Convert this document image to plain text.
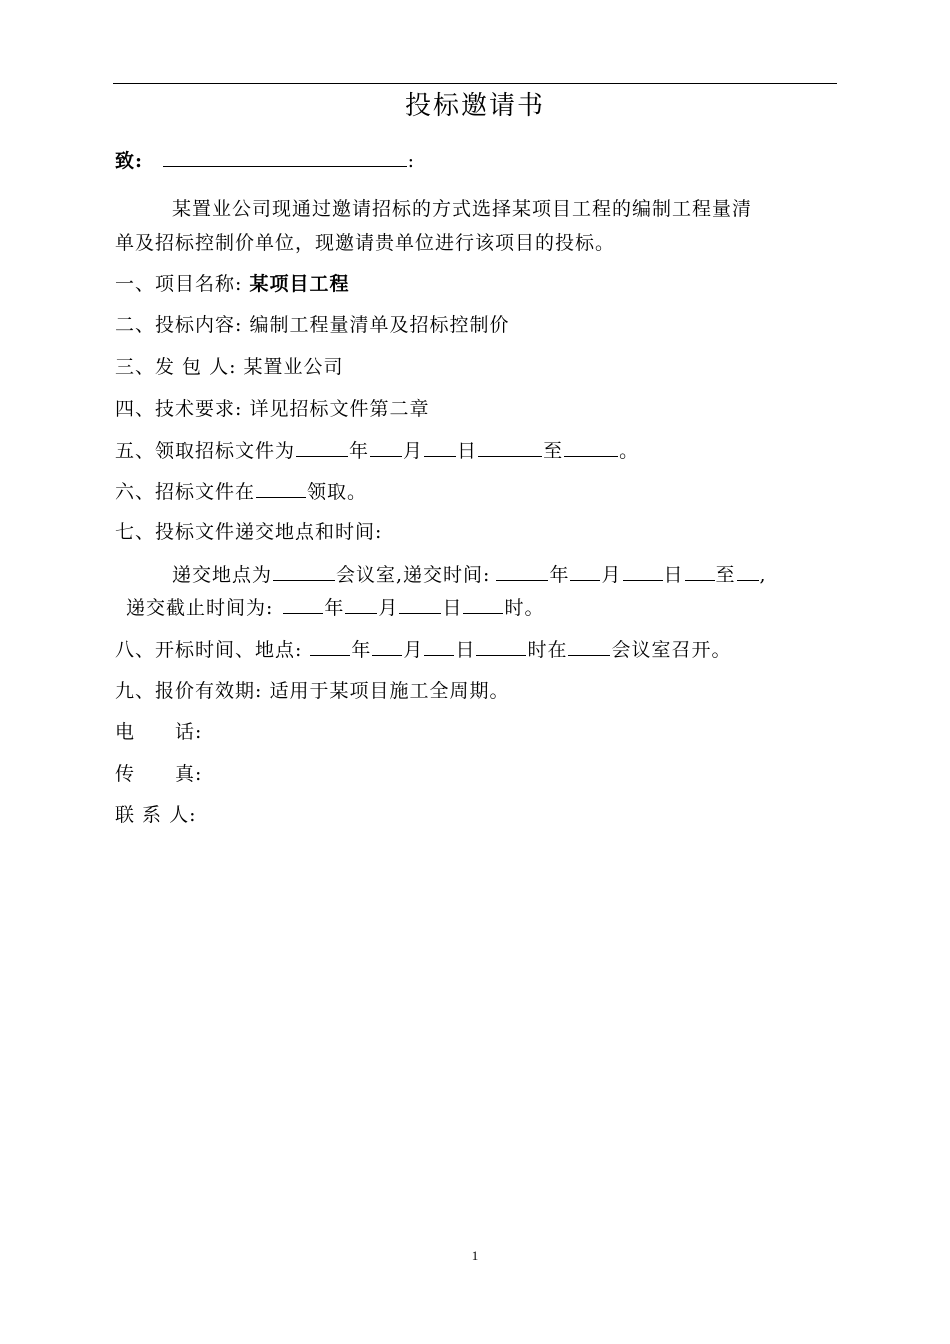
投标邀请书
致:	:
某置业公司现通过邀请招标的方式选择某项目工程的编制工程量清
单及招标控制价单位，现邀请贵单位进行该项目的投标。
一、项目名称: 某项目工程
二、投标内容: 编制工程量清单及招标控制价
三、发 包 人: 某置业公司
四、技术要求: 详见招标文件第二章
五、领取招标文件为	年 月 日	至	。
六、招标文件在	领取。
七、投标文件递交地点和时间:
递交地点为	会议室,递交时间:	年 月 日 至 ,
递交截止时间为:	年 月 日 时。
八、开标时间、地点:	年 月 日	时在 会议室召开。
九、报价有效期: 适用于某项目施工全周期。
电　　话:
传　　真:
联 系 人:
1
